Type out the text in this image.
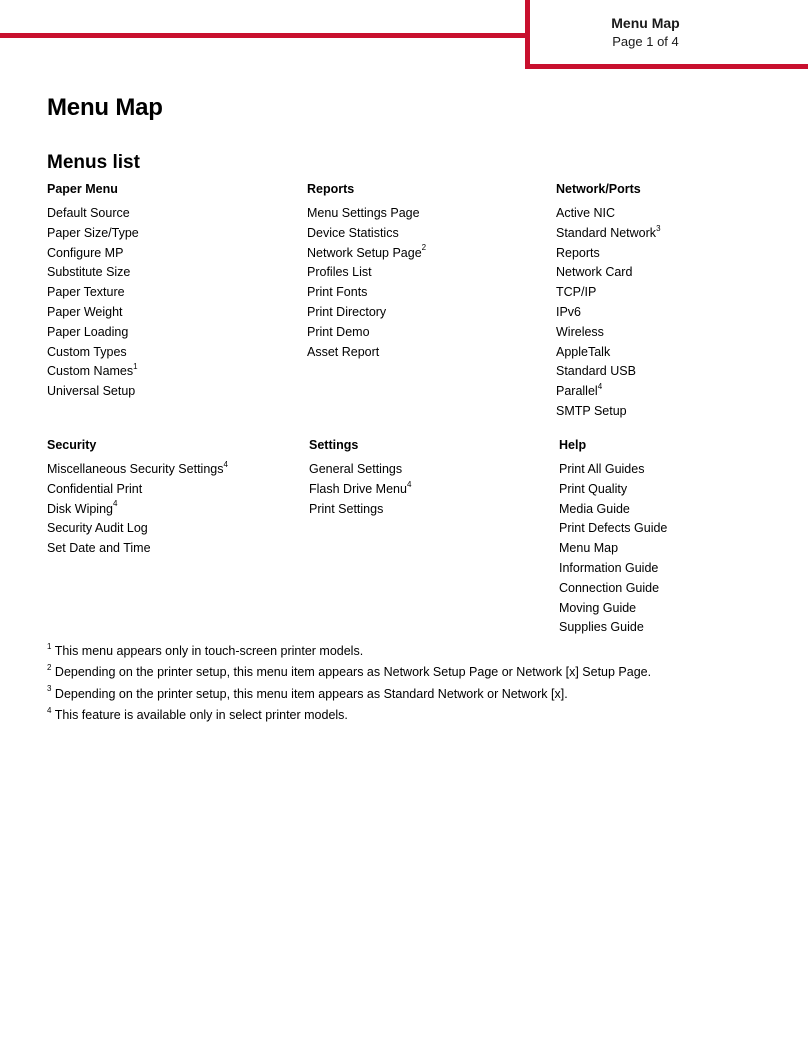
Menu Map
Page 1 of 4
Menu Map
Menus list
Paper Menu
Default Source
Paper Size/Type
Configure MP
Substitute Size
Paper Texture
Paper Weight
Paper Loading
Custom Types
Custom Names$^1$
Universal Setup
Reports
Menu Settings Page
Device Statistics
Network Setup Page$^2$
Profiles List
Print Fonts
Print Directory
Print Demo
Asset Report
Network/Ports
Active NIC
Standard Network$^3$
Reports
Network Card
TCP/IP
IPv6
Wireless
AppleTalk
Standard USB
Parallel$^4$
SMTP Setup
Security
Miscellaneous Security Settings$^4$
Confidential Print
Disk Wiping$^4$
Security Audit Log
Set Date and Time
Settings
General Settings
Flash Drive Menu$^4$
Print Settings
Help
Print All Guides
Print Quality
Media Guide
Print Defects Guide
Menu Map
Information Guide
Connection Guide
Moving Guide
Supplies Guide
$^1$ This menu appears only in touch-screen printer models.
$^2$ Depending on the printer setup, this menu item appears as Network Setup Page or Network [x] Setup Page.
$^3$ Depending on the printer setup, this menu item appears as Standard Network or Network [x].
$^4$ This feature is available only in select printer models.
